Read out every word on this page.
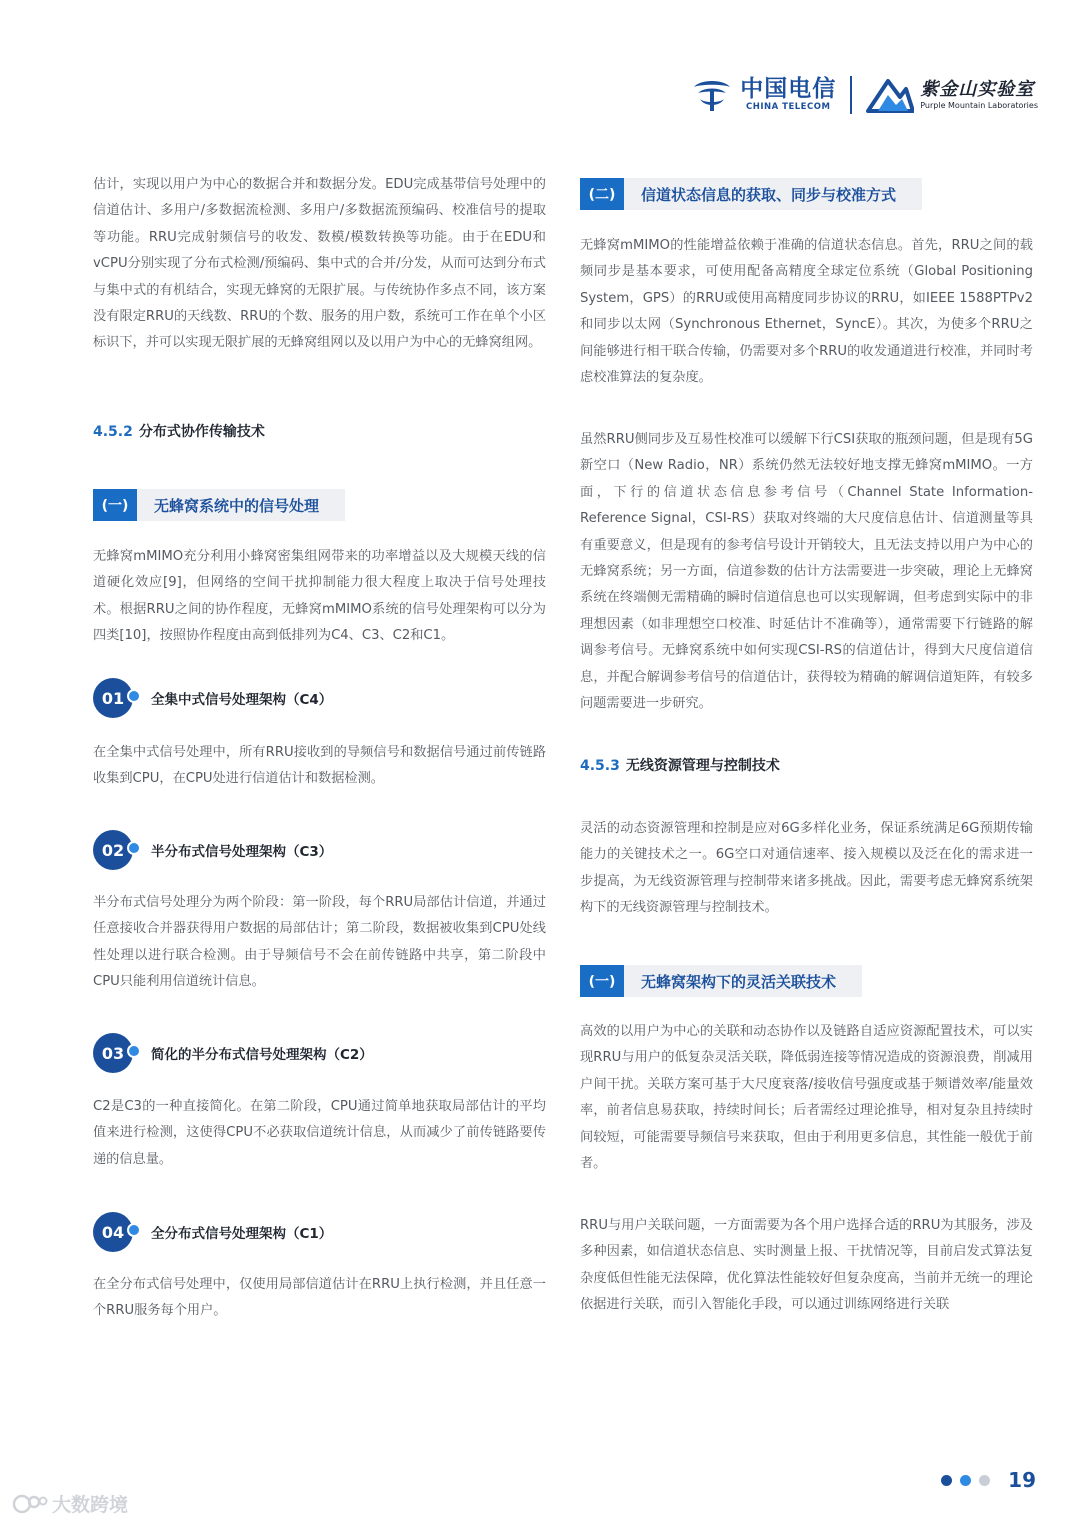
中国电信
CHINA TELECOM
紫金山实验室
Purple Mountain Laboratories

估计，实现以用户为中心的数据合并和数据分发。EDU完成基带信号处理中的信道估计、多用户/多数据流检测、多用户/多数据流预编码、校准信号的提取等功能。RRU完成射频信号的收发、数模/模数转换等功能。由于在EDU和vCPU分别实现了分布式检测/预编码、集中式的合并/分发，从而可达到分布式与集中式的有机结合，实现无蜂窝的无限扩展。与传统协作多点不同，该方案没有限定RRU的天线数、RRU的个数、服务的用户数，系统可工作在单个小区标识下，并可以实现无限扩展的无蜂窝组网以及以用户为中心的无蜂窝组网。

4.5.2 分布式协作传输技术
(一)	无蜂窝系统中的信号处理

无蜂窝mMIMO充分利用小蜂窝密集组网带来的功率增益以及大规模天线的信道硬化效应[9]，但网络的空间干扰抑制能力很大程度上取决于信号处理技术。根据RRU之间的协作程度，无蜂窝mMIMO系统的信号处理架构可以分为四类[10]，按照协作程度由高到低排列为C4、C3、C2和C1。

01 全集中式信号处理架构（C4）

在全集中式信号处理中，所有RRU接收到的导频信号和数据信号通过前传链路收集到CPU，在CPU处进行信道估计和数据检测。

02 半分布式信号处理架构（C3）

半分布式信号处理分为两个阶段：第一阶段，每个RRU局部估计信道，并通过任意接收合并器获得用户数据的局部估计；第二阶段，数据被收集到CPU处线性处理以进行联合检测。由于导频信号不会在前传链路中共享，第二阶段中CPU只能利用信道统计信息。

03 简化的半分布式信号处理架构（C2）

C2是C3的一种直接简化。在第二阶段，CPU通过简单地获取局部估计的平均值来进行检测，这使得CPU不必获取信道统计信息，从而减少了前传链路要传递的信息量。

04 全分布式信号处理架构（C1）

在全分布式信号处理中，仅使用局部信道估计在RRU上执行检测，并且任意一个RRU服务每个用户。

(二)	信道状态信息的获取、同步与校准方式

无蜂窝mMIMO的性能增益依赖于准确的信道状态信息。首先，RRU之间的载频同步是基本要求，可使用配备高精度全球定位系统（Global Positioning System，GPS）的RRU或使用高精度同步协议的RRU，如IEEE 1588PTPv2和同步以太网（Synchronous Ethernet，SyncE）。其次，为使多个RRU之间能够进行相干联合传输，仍需要对多个RRU的收发通道进行校准，并同时考虑校准算法的复杂度。

虽然RRU侧同步及互易性校准可以缓解下行CSI获取的瓶颈问题，但是现有5G新空口（New Radio，NR）系统仍然无法较好地支撑无蜂窝mMIMO。一方面，下行的信道状态信息参考信号（Channel State Information-Reference Signal，CSI-RS）获取对终端的大尺度信息估计、信道测量等具有重要意义，但是现有的参考信号设计开销较大，且无法支持以用户为中心的无蜂窝系统；另一方面，信道参数的估计方法需要进一步突破，理论上无蜂窝系统在终端侧无需精确的瞬时信道信息也可以实现解调，但考虑到实际中的非理想因素（如非理想空口校准、时延估计不准确等），通常需要下行链路的解调参考信号。无蜂窝系统中如何实现CSI-RS的信道估计，得到大尺度信道信息，并配合解调参考信号的信道估计，获得较为精确的解调信道矩阵，有较多问题需要进一步研究。

4.5.3 无线资源管理与控制技术

灵活的动态资源管理和控制是应对6G多样化业务，保证系统满足6G预期传输能力的关键技术之一。6G空口对通信速率、接入规模以及泛在化的需求进一步提高，为无线资源管理与控制带来诸多挑战。因此，需要考虑无蜂窝系统架构下的无线资源管理与控制技术。

(一)	无蜂窝架构下的灵活关联技术

高效的以用户为中心的关联和动态协作以及链路自适应资源配置技术，可以实现RRU与用户的低复杂灵活关联，降低弱连接等情况造成的资源浪费，削减用户间干扰。关联方案可基于大尺度衰落/接收信号强度或基于频谱效率/能量效率，前者信息易获取，持续时间长；后者需经过理论推导，相对复杂且持续时间较短，可能需要导频信号来获取，但由于利用更多信息，其性能一般优于前者。

RRU与用户关联问题，一方面需要为各个用户选择合适的RRU为其服务，涉及多种因素，如信道状态信息、实时测量上报、干扰情况等，目前启发式算法复杂度低但性能无法保障，优化算法性能较好但复杂度高，当前并无统一的理论依据进行关联，而引入智能化手段，可以通过训练网络进行关联

19
大数跨境
